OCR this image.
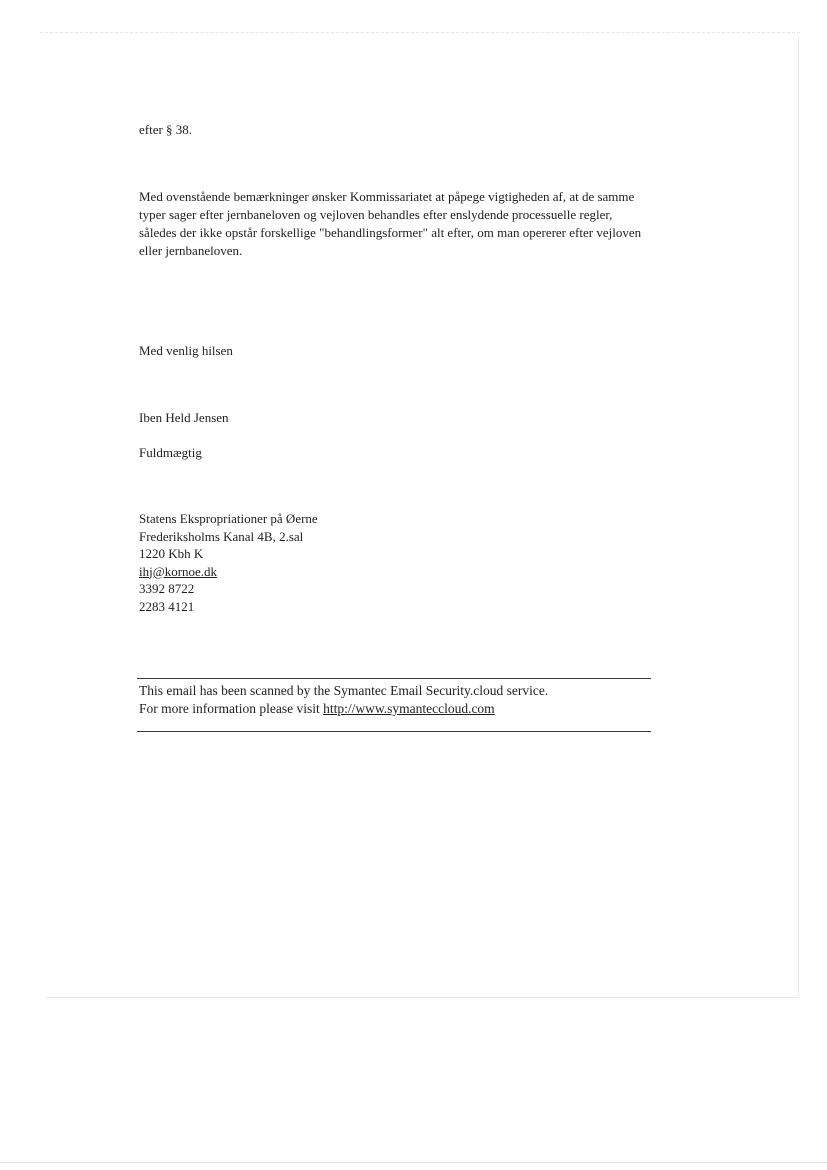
efter § 38.
Med ovenstående bemærkninger ønsker Kommissariatet at påpege vigtigheden af, at de samme
typer sager efter jernbaneloven og vejloven behandles efter enslydende processuelle regler,
således der ikke opstår forskellige "behandlingsformer" alt efter, om man opererer efter vejloven
eller jernbaneloven.
Med venlig hilsen
Iben Held Jensen
Fuldmægtig
Statens Ekspropriationer på Øerne
Frederiksholms Kanal 4B, 2.sal
1220 Kbh K
ihj@kornoe.dk
3392 8722
2283 4121
This email has been scanned by the Symantec Email Security.cloud service.
For more information please visit http://www.symanteccloud.com
